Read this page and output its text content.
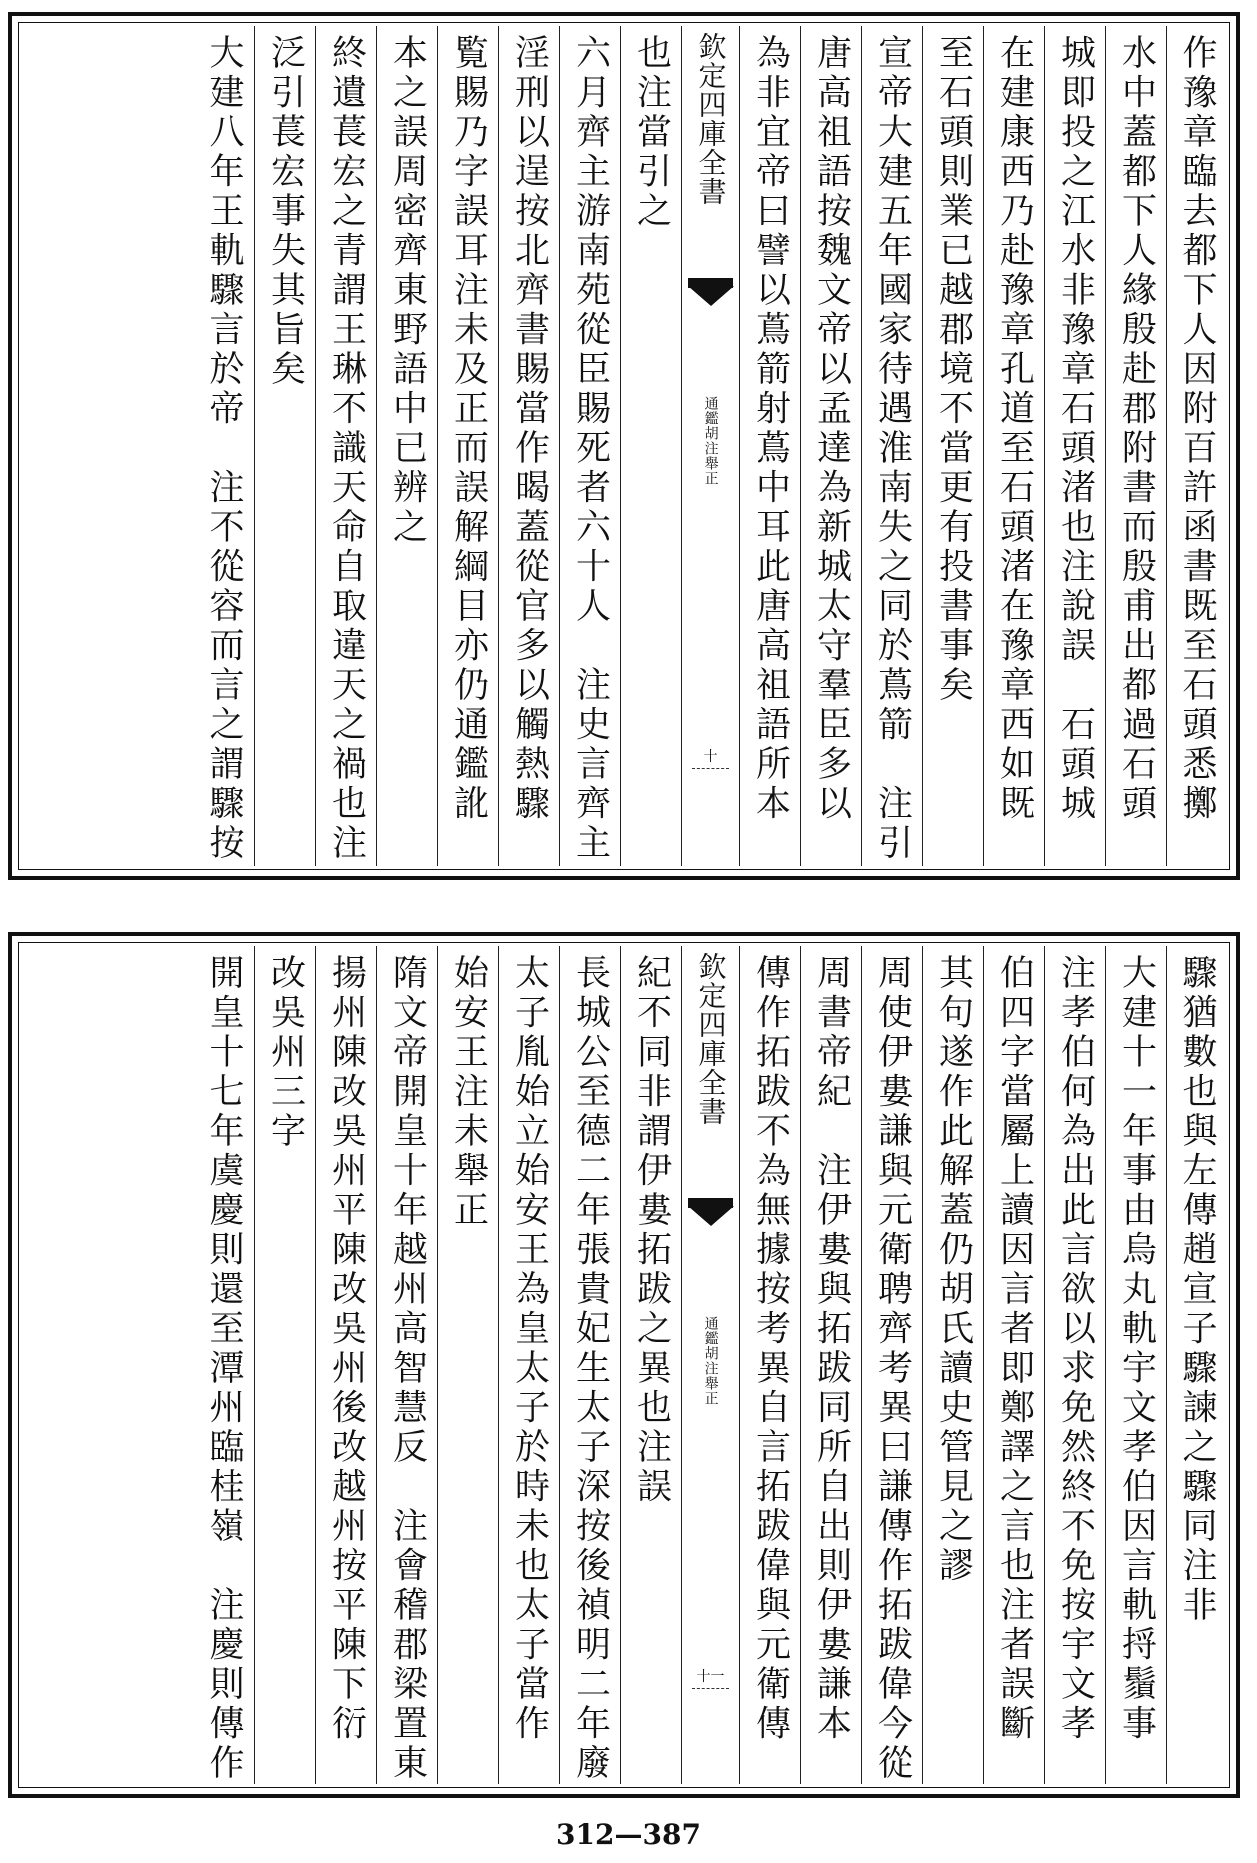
作豫章臨去都下人因附百許函書既至石頭悉擲
水中蓋都下人緣殷赴郡附書而殷甫出都過石頭
城即投之江水非豫章石頭渚也注說誤　石頭城
在建康西乃赴豫章孔道至石頭渚在豫章西如既
至石頭則業已越郡境不當更有投書事矣
宣帝大建五年國家待遇淮南失之同於蔦箭　注引
唐高祖語按魏文帝以孟達為新城太守羣臣多以
為非宜帝曰譬以蔦箭射蔦中耳此唐高祖語所本
欽定四庫全書
通鑑胡注舉正
十
也注當引之
六月齊主游南苑從臣賜死者六十人　注史言齊主
淫刑以逞按北齊書賜當作暍蓋從官多以觸熱驟
覧賜乃字誤耳注未及正而誤解綱目亦仍通鑑訛
本之誤周密齊東野語中已辨之
終遺萇宏之青謂王琳不識天命自取違天之禍也注
泛引萇宏事失其旨矣
大建八年王軌驟言於帝　注不從容而言之謂驟按
驟猶數也與左傳趙宣子驟諫之驟同注非
大建十一年事由烏丸軌宇文孝伯因言軌捋鬚事
注孝伯何為出此言欲以求免然終不免按宇文孝
伯四字當屬上讀因言者即鄭譯之言也注者誤斷
其句遂作此解蓋仍胡氏讀史管見之謬
周使伊婁謙與元衛聘齊考異曰謙傳作拓跋偉今從
周書帝紀　注伊婁與拓跋同所自出則伊婁謙本
傳作拓跋不為無據按考異自言拓跋偉與元衛傳
欽定四庫全書
通鑑胡注舉正
十一
紀不同非謂伊婁拓跋之異也注誤
長城公至德二年張貴妃生太子深按後禎明二年廢
太子胤始立始安王為皇太子於時未也太子當作
始安王注未舉正
隋文帝開皇十年越州高智慧反　注會稽郡梁置東
揚州陳改吳州平陳改吳州後改越州按平陳下衍
改吳州三字
開皇十七年虞慶則還至潭州臨桂嶺　注慶則傳作
312—387
